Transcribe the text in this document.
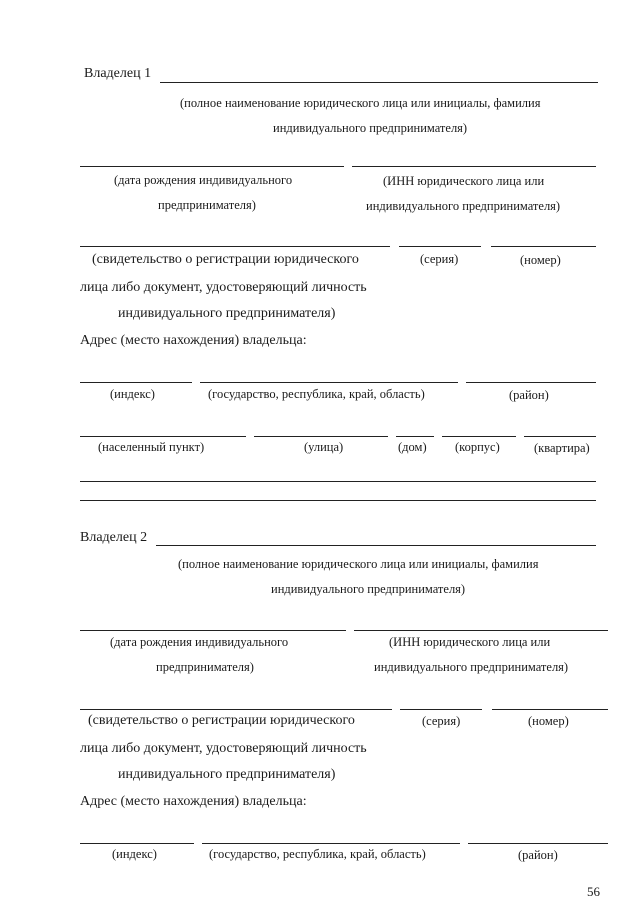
Владелец 1
(полное наименование юридического лица или инициалы, фамилия
индивидуального предпринимателя)
(дата рождения индивидуального	(ИНН юридического лица или
предпринимателя)	индивидуального предпринимателя)
(свидетельство о регистрации юридического	(серия)	(номер)
лица либо документ, удостоверяющий личность
индивидуального предпринимателя)
Адрес (место нахождения) владельца:
(индекс)	(государство, республика, край, область)	(район)
(населенный пункт)	(улица)	(дом) (корпус)	(квартира)
Владелец 2
(полное наименование юридического лица или инициалы, фамилия
индивидуального предпринимателя)
(дата рождения индивидуального	(ИНН юридического лица или
предпринимателя)	индивидуального предпринимателя)
(свидетельство о регистрации юридического	(серия)	(номер)
лица либо документ, удостоверяющий личность
индивидуального предпринимателя)
Адрес (место нахождения) владельца:
(индекс)	(государство, республика, край, область)	(район)
56
